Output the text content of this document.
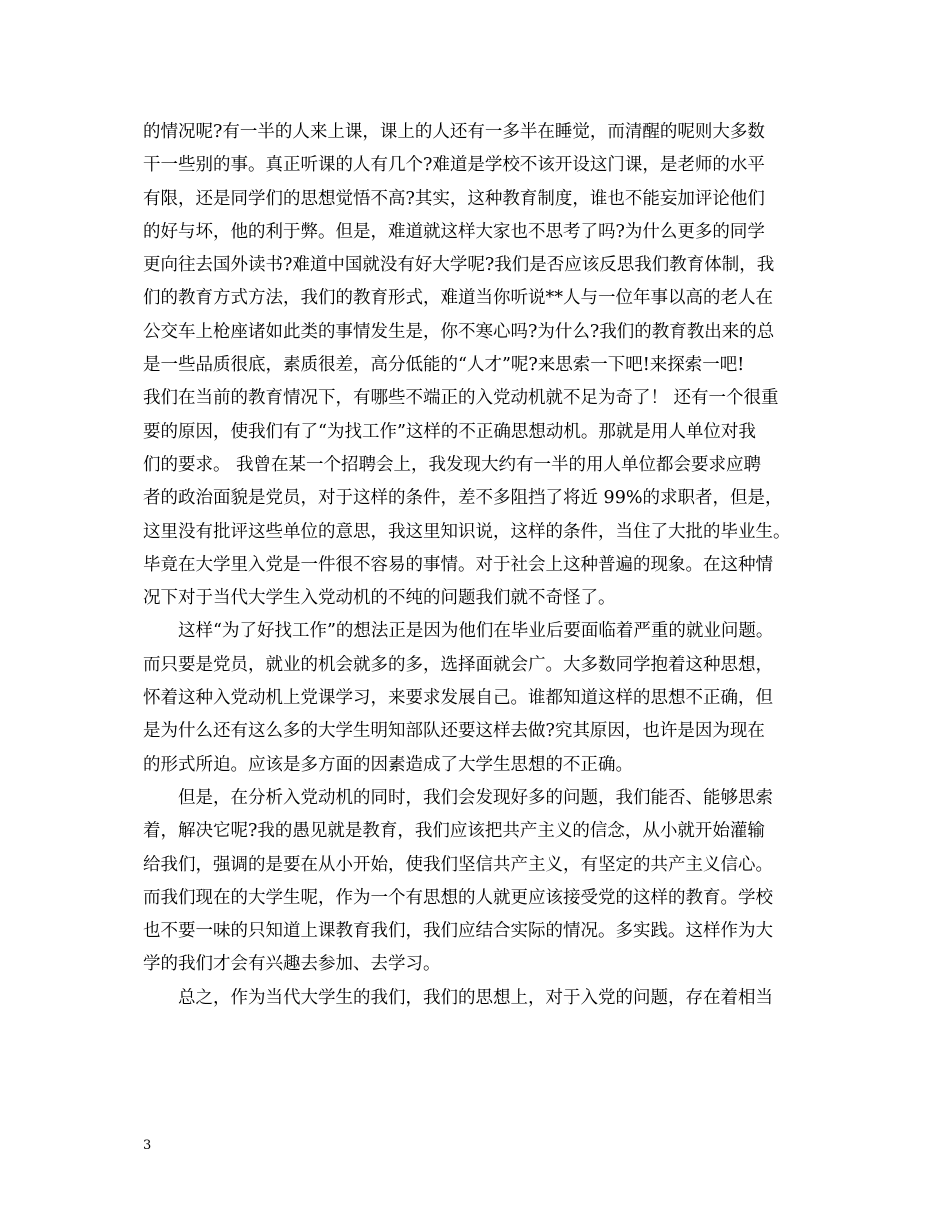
的情况呢?有一半的人来上课，课上的人还有一多半在睡觉，而清醒的呢则大多数
干一些别的事。真正听课的人有几个?难道是学校不该开设这门课，是老师的水平
有限，还是同学们的思想觉悟不高?其实，这种教育制度，谁也不能妄加评论他们
的好与坏，他的利于弊。但是，难道就这样大家也不思考了吗?为什么更多的同学
更向往去国外读书?难道中国就没有好大学呢?我们是否应该反思我们教育体制，我
们的教育方式方法，我们的教育形式，难道当你听说**人与一位年事以高的老人在
公交车上枪座诸如此类的事情发生是，你不寒心吗?为什么?我们的教育教出来的总
是一些品质很底，素质很差，高分低能的“人才”呢?来思索一下吧!来探索一吧!
我们在当前的教育情况下，有哪些不端正的入党动机就不足为奇了！ 还有一个很重
要的原因，使我们有了“为找工作”这样的不正确思想动机。那就是用人单位对我
们的要求。 我曾在某一个招聘会上，我发现大约有一半的用人单位都会要求应聘
者的政治面貌是党员，对于这样的条件，差不多阻挡了将近 99%的求职者，但是，
这里没有批评这些单位的意思，我这里知识说，这样的条件，当住了大批的毕业生。
毕竟在大学里入党是一件很不容易的事情。对于社会上这种普遍的现象。在这种情
况下对于当代大学生入党动机的不纯的问题我们就不奇怪了。
这样“为了好找工作”的想法正是因为他们在毕业后要面临着严重的就业问题。
而只要是党员，就业的机会就多的多，选择面就会广。大多数同学抱着这种思想，
怀着这种入党动机上党课学习，来要求发展自己。谁都知道这样的思想不正确，但
是为什么还有这么多的大学生明知部队还要这样去做?究其原因，也许是因为现在
的形式所迫。应该是多方面的因素造成了大学生思想的不正确。
但是，在分析入党动机的同时，我们会发现好多的问题，我们能否、能够思索
着，解决它呢?我的愚见就是教育，我们应该把共产主义的信念，从小就开始灌输
给我们，强调的是要在从小开始，使我们坚信共产主义，有坚定的共产主义信心。
而我们现在的大学生呢，作为一个有思想的人就更应该接受党的这样的教育。学校
也不要一味的只知道上课教育我们，我们应结合实际的情况。多实践。这样作为大
学的我们才会有兴趣去参加、去学习。
总之，作为当代大学生的我们，我们的思想上，对于入党的问题，存在着相当
3
